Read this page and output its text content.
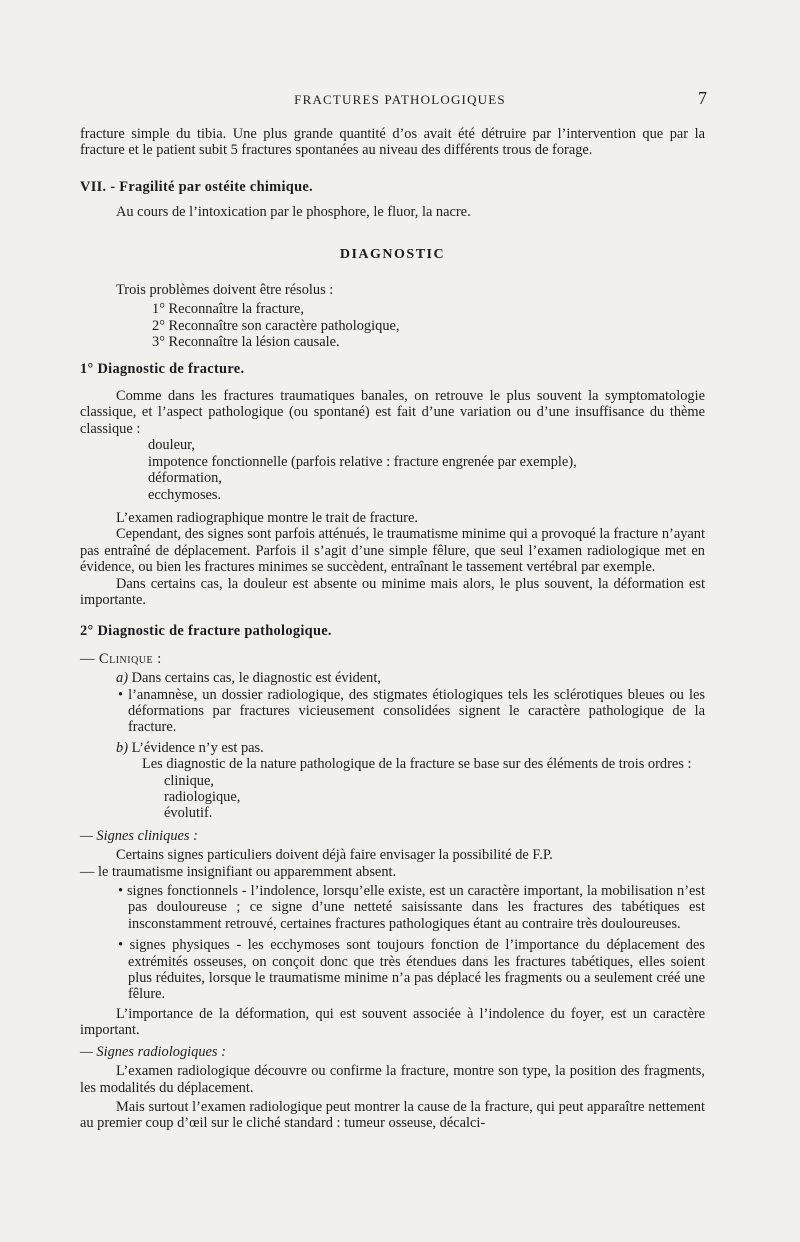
FRACTURES PATHOLOGIQUES	7

fracture simple du tibia. Une plus grande quantité d’os avait été détruire par l’intervention que par la fracture et le patient subit 5 fractures spontanées au niveau des différents trous de forage.

VII. - Fragilité par ostéite chimique.

Au cours de l’intoxication par le phosphore, le fluor, la nacre.

DIAGNOSTIC

Trois problèmes doivent être résolus :

1° Reconnaître la fracture,
2° Reconnaître son caractère pathologique,
3° Reconnaître la lésion causale.

1° Diagnostic de fracture.

Comme dans les fractures traumatiques banales, on retrouve le plus souvent la symptomatologie classique, et l’aspect pathologique (ou spontané) est fait d’une variation ou d’une insuffisance du thème classique :

douleur,
impotence fonctionnelle (parfois relative : fracture engrenée par exemple),
déformation,
ecchymoses.

L’examen radiographique montre le trait de fracture.

Cependant, des signes sont parfois atténués, le traumatisme minime qui a provoqué la fracture n’ayant pas entraîné de déplacement. Parfois il s’agit d’une simple fêlure, que seul l’examen radiologique met en évidence, ou bien les fractures minimes se succèdent, entraînant le tassement vertébral par exemple.

Dans certains cas, la douleur est absente ou minime mais alors, le plus souvent, la déformation est importante.

2° Diagnostic de fracture pathologique.

— Clinique :

a) Dans certains cas, le diagnostic est évident,

• l’anamnèse, un dossier radiologique, des stigmates étiologiques tels les sclérotiques bleues ou les déformations par fractures vicieusement consolidées signent le caractère pathologique de la fracture.

b) L’évidence n’y est pas.

Les diagnostic de la nature pathologique de la fracture se base sur des éléments de trois ordres :

clinique,
radiologique,
évolutif.

— Signes cliniques :

Certains signes particuliers doivent déjà faire envisager la possibilité de F.P.

— le traumatisme insignifiant ou apparemment absent.

• signes fonctionnels - l’indolence, lorsqu’elle existe, est un caractère important, la mobilisation n’est pas douloureuse ; ce signe d’une netteté saisissante dans les fractures des tabétiques est insconstamment retrouvé, certaines fractures pathologiques étant au contraire très douloureuses.

• signes physiques - les ecchymoses sont toujours fonction de l’importance du déplacement des extrémités osseuses, on conçoit donc que très étendues dans les fractures tabétiques, elles soient plus réduites, lorsque le traumatisme minime n’a pas déplacé les fragments ou a seulement créé une fêlure.

L’importance de la déformation, qui est souvent associée à l’indolence du foyer, est un caractère important.

— Signes radiologiques :

L’examen radiologique découvre ou confirme la fracture, montre son type, la position des fragments, les modalités du déplacement.

Mais surtout l’examen radiologique peut montrer la cause de la fracture, qui peut apparaître nettement au premier coup d’œil sur le cliché standard : tumeur osseuse, décalci-
